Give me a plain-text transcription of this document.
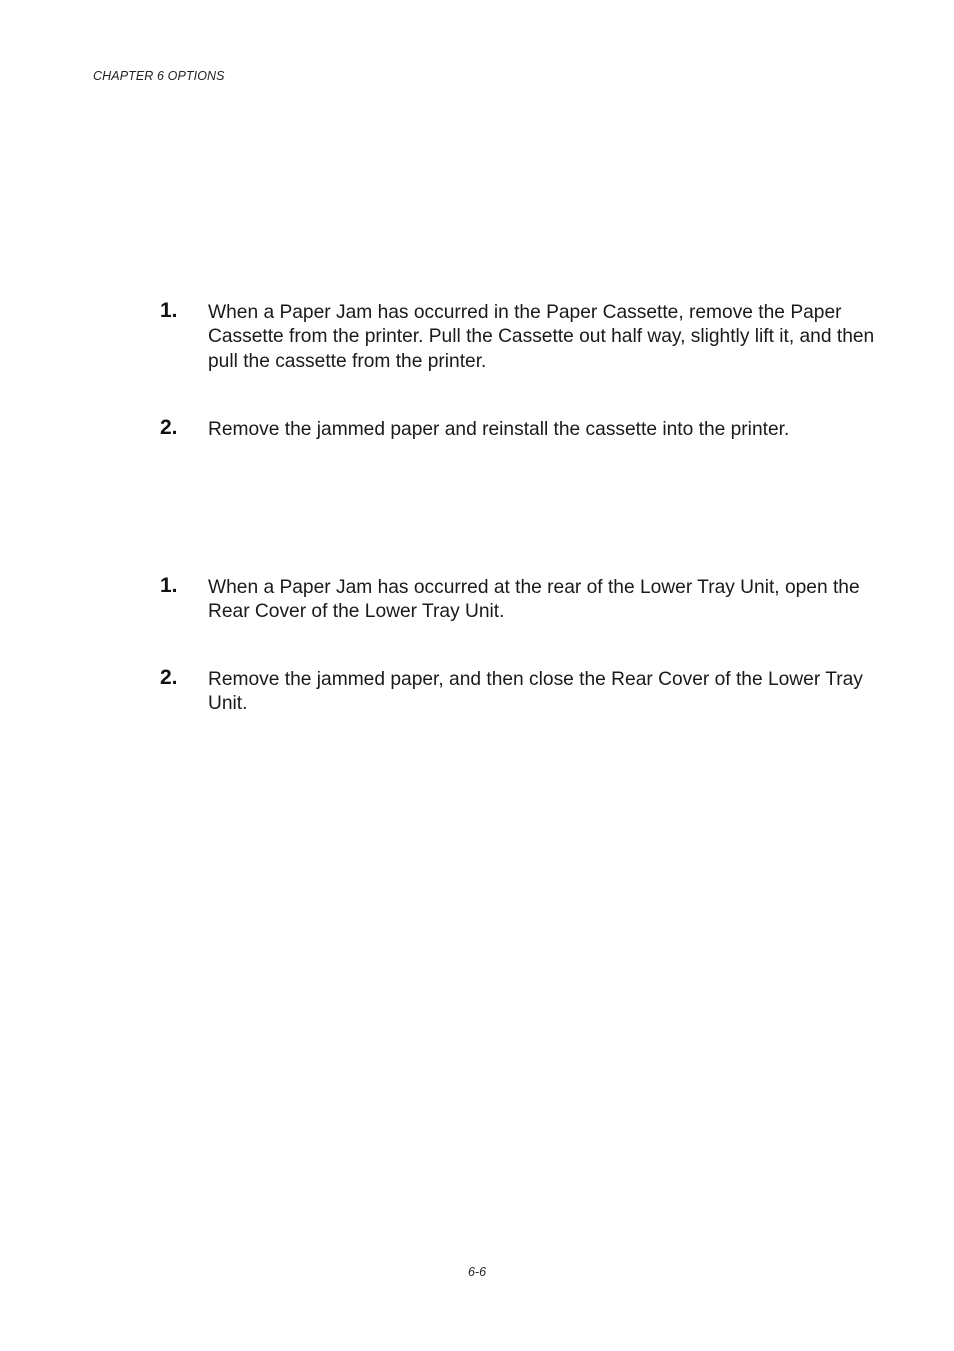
CHAPTER 6 OPTIONS
1. When a Paper Jam has occurred in the Paper Cassette, remove the Paper Cassette from the printer. Pull the Cassette out half way, slightly lift it, and then pull the cassette from the printer.
2. Remove the jammed paper and reinstall the cassette into the printer.
1. When a Paper Jam has occurred at the rear of the Lower Tray Unit, open the Rear Cover of the Lower Tray Unit.
2. Remove the jammed paper, and then close the Rear Cover of the Lower Tray Unit.
6-6
